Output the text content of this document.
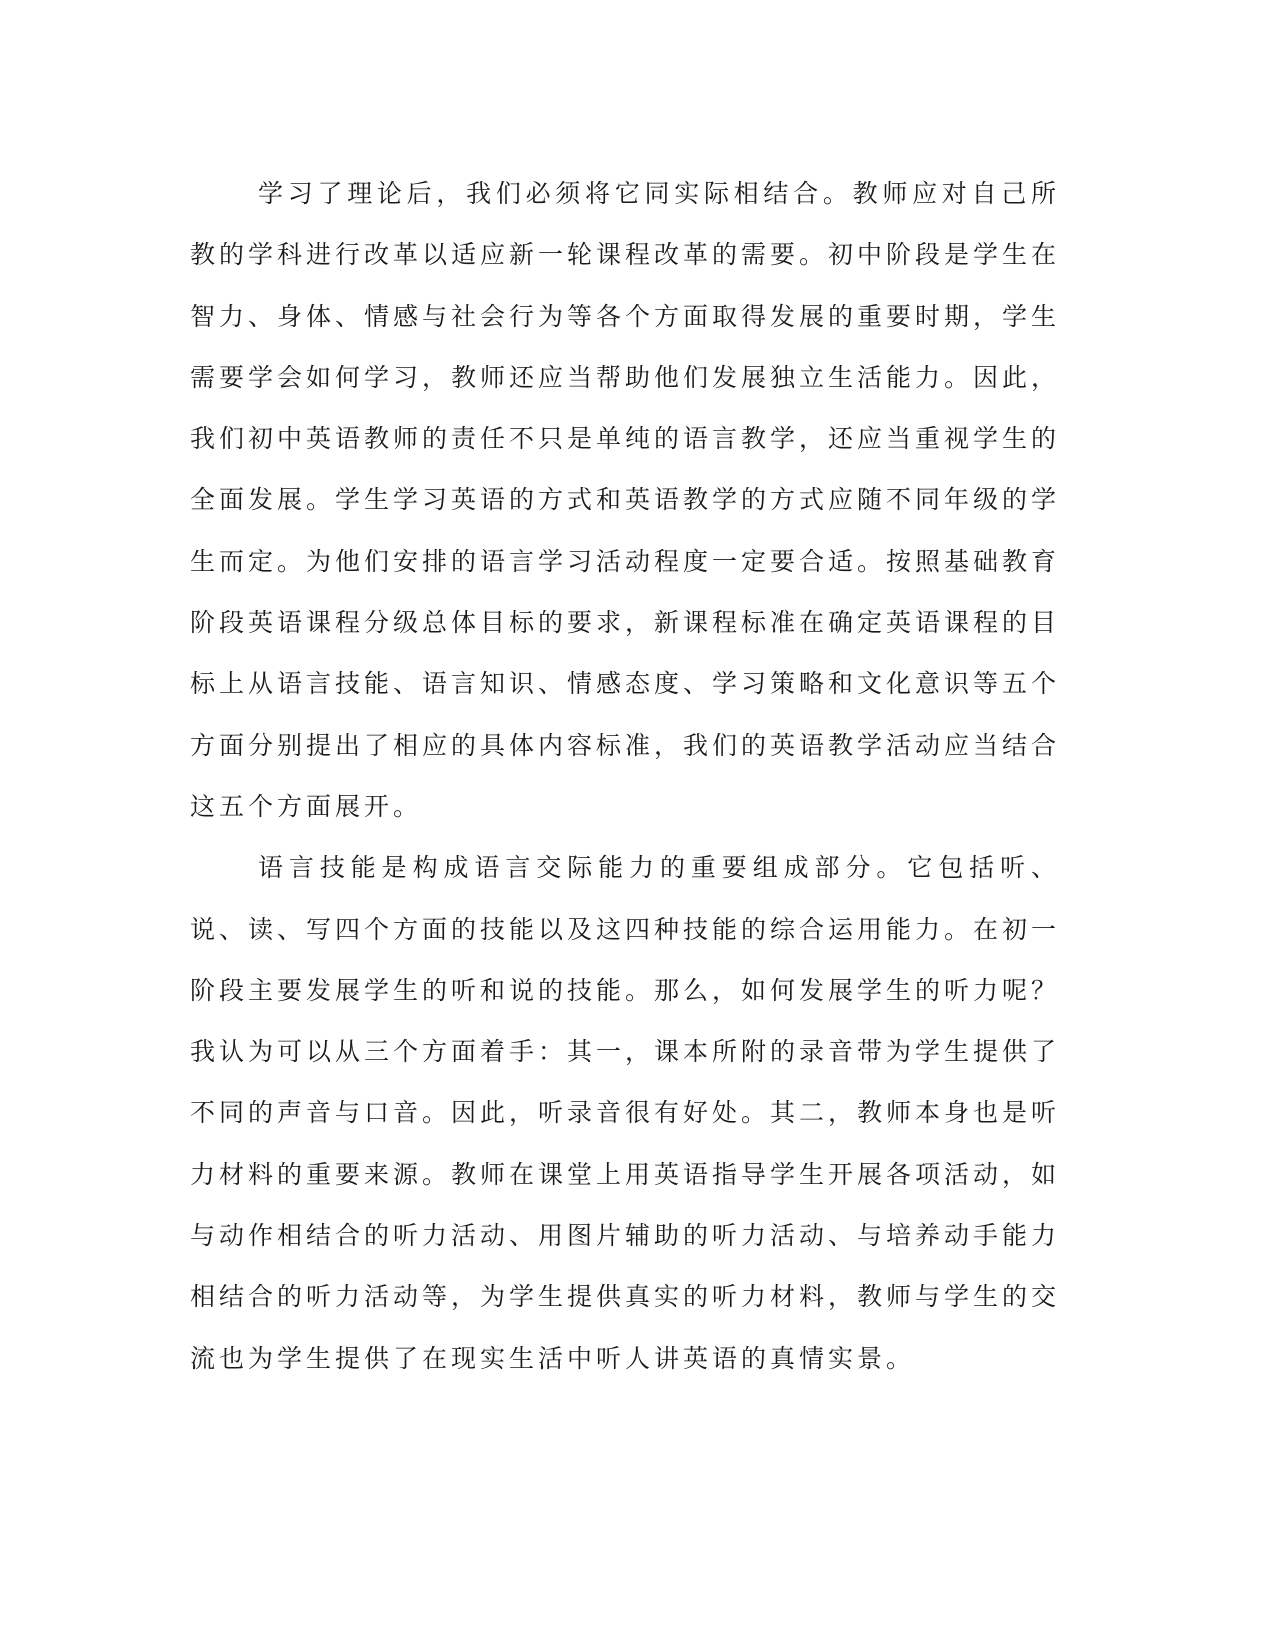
学习了理论后，我们必须将它同实际相结合。教师应对自己所教的学科进行改革以适应新一轮课程改革的需要。初中阶段是学生在智力、身体、情感与社会行为等各个方面取得发展的重要时期，学生需要学会如何学习，教师还应当帮助他们发展独立生活能力。因此，我们初中英语教师的责任不只是单纯的语言教学，还应当重视学生的全面发展。学生学习英语的方式和英语教学的方式应随不同年级的学生而定。为他们安排的语言学习活动程度一定要合适。按照基础教育阶段英语课程分级总体目标的要求，新课程标准在确定英语课程的目标上从语言技能、语言知识、情感态度、学习策略和文化意识等五个方面分别提出了相应的具体内容标准，我们的英语教学活动应当结合这五个方面展开。

语言技能是构成语言交际能力的重要组成部分。它包括听、说、读、写四个方面的技能以及这四种技能的综合运用能力。在初一阶段主要发展学生的听和说的技能。那么，如何发展学生的听力呢？我认为可以从三个方面着手：其一，课本所附的录音带为学生提供了不同的声音与口音。因此，听录音很有好处。其二，教师本身也是听力材料的重要来源。教师在课堂上用英语指导学生开展各项活动，如与动作相结合的听力活动、用图片辅助的听力活动、与培养动手能力相结合的听力活动等，为学生提供真实的听力材料，教师与学生的交流也为学生提供了在现实生活中听人讲英语的真情实景。
